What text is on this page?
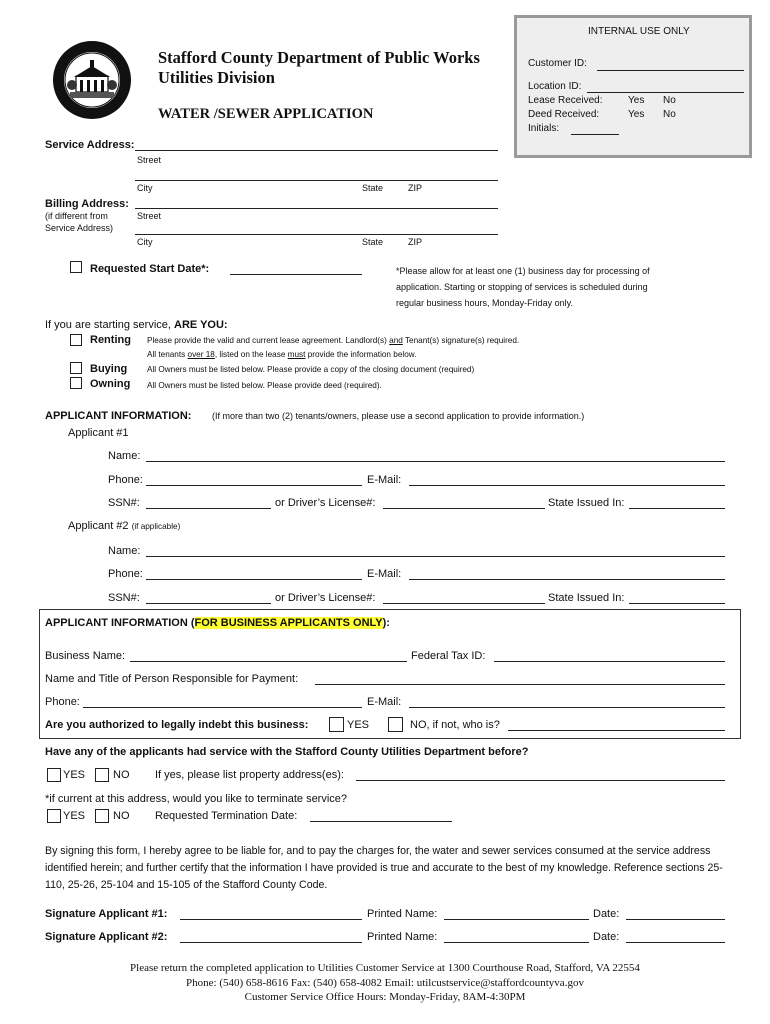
Stafford County Department of Public Works
Utilities Division
WATER /SEWER APPLICATION
INTERNAL USE ONLY
Customer ID:
Location ID:
Lease Received:	Yes No
Deed Received:	Yes No
Initials:
Service Address:
Street
City	State	ZIP
Billing Address:
(if different from
Service Address)
Street
City	State	ZIP
Requested Start Date*:	*Please allow for at least one (1) business day for processing of
application. Starting or stopping of services is scheduled during
regular business hours, Monday-Friday only.
If you are starting service, ARE YOU:
Renting Please provide the valid and current lease agreement. Landlord(s) and Tenant(s) signature(s) required.
All tenants over 18, listed on the lease must provide the information below.
Buying All Owners must be listed below. Please provide a copy of the closing document (required)
Owning All Owners must be listed below. Please provide deed (required).
APPLICANT INFORMATION: (If more than two (2) tenants/owners, please use a second application to provide information.)
Applicant #1
Name:
Phone:	E-Mail:
SSN#:	or Driver’s License#:	State Issued In:
Applicant #2 (if applicable)
Name:
Phone:	E-Mail:
SSN#:	or Driver’s License#:	State Issued In:
APPLICANT INFORMATION (FOR BUSINESS APPLICANTS ONLY):
Business Name:	Federal Tax ID:
Name and Title of Person Responsible for Payment:
Phone:	E-Mail:
Are you authorized to legally indebt this business:	YES	NO, if not, who is?
Have any of the applicants had service with the Stafford County Utilities Department before?
YES	NO If yes, please list property address(es):
*if current at this address, would you like to terminate service?
YES	NO Requested Termination Date:
By signing this form, I hereby agree to be liable for, and to pay the charges for, the water and sewer services consumed at the service address identified herein; and further certify that the information I have provided is true and accurate to the best of my knowledge. Reference sections 25-110, 25-26, 25-104 and 15-105 of the Stafford County Code.
Signature Applicant #1:	Printed Name:	Date:
Signature Applicant #2:	Printed Name:	Date:
Please return the completed application to Utilities Customer Service at 1300 Courthouse Road, Stafford, VA 22554
Phone: (540) 658-8616 Fax: (540) 658-4082 Email: utilcustservice@staffordcountyva.gov
Customer Service Office Hours: Monday-Friday, 8AM-4:30PM
